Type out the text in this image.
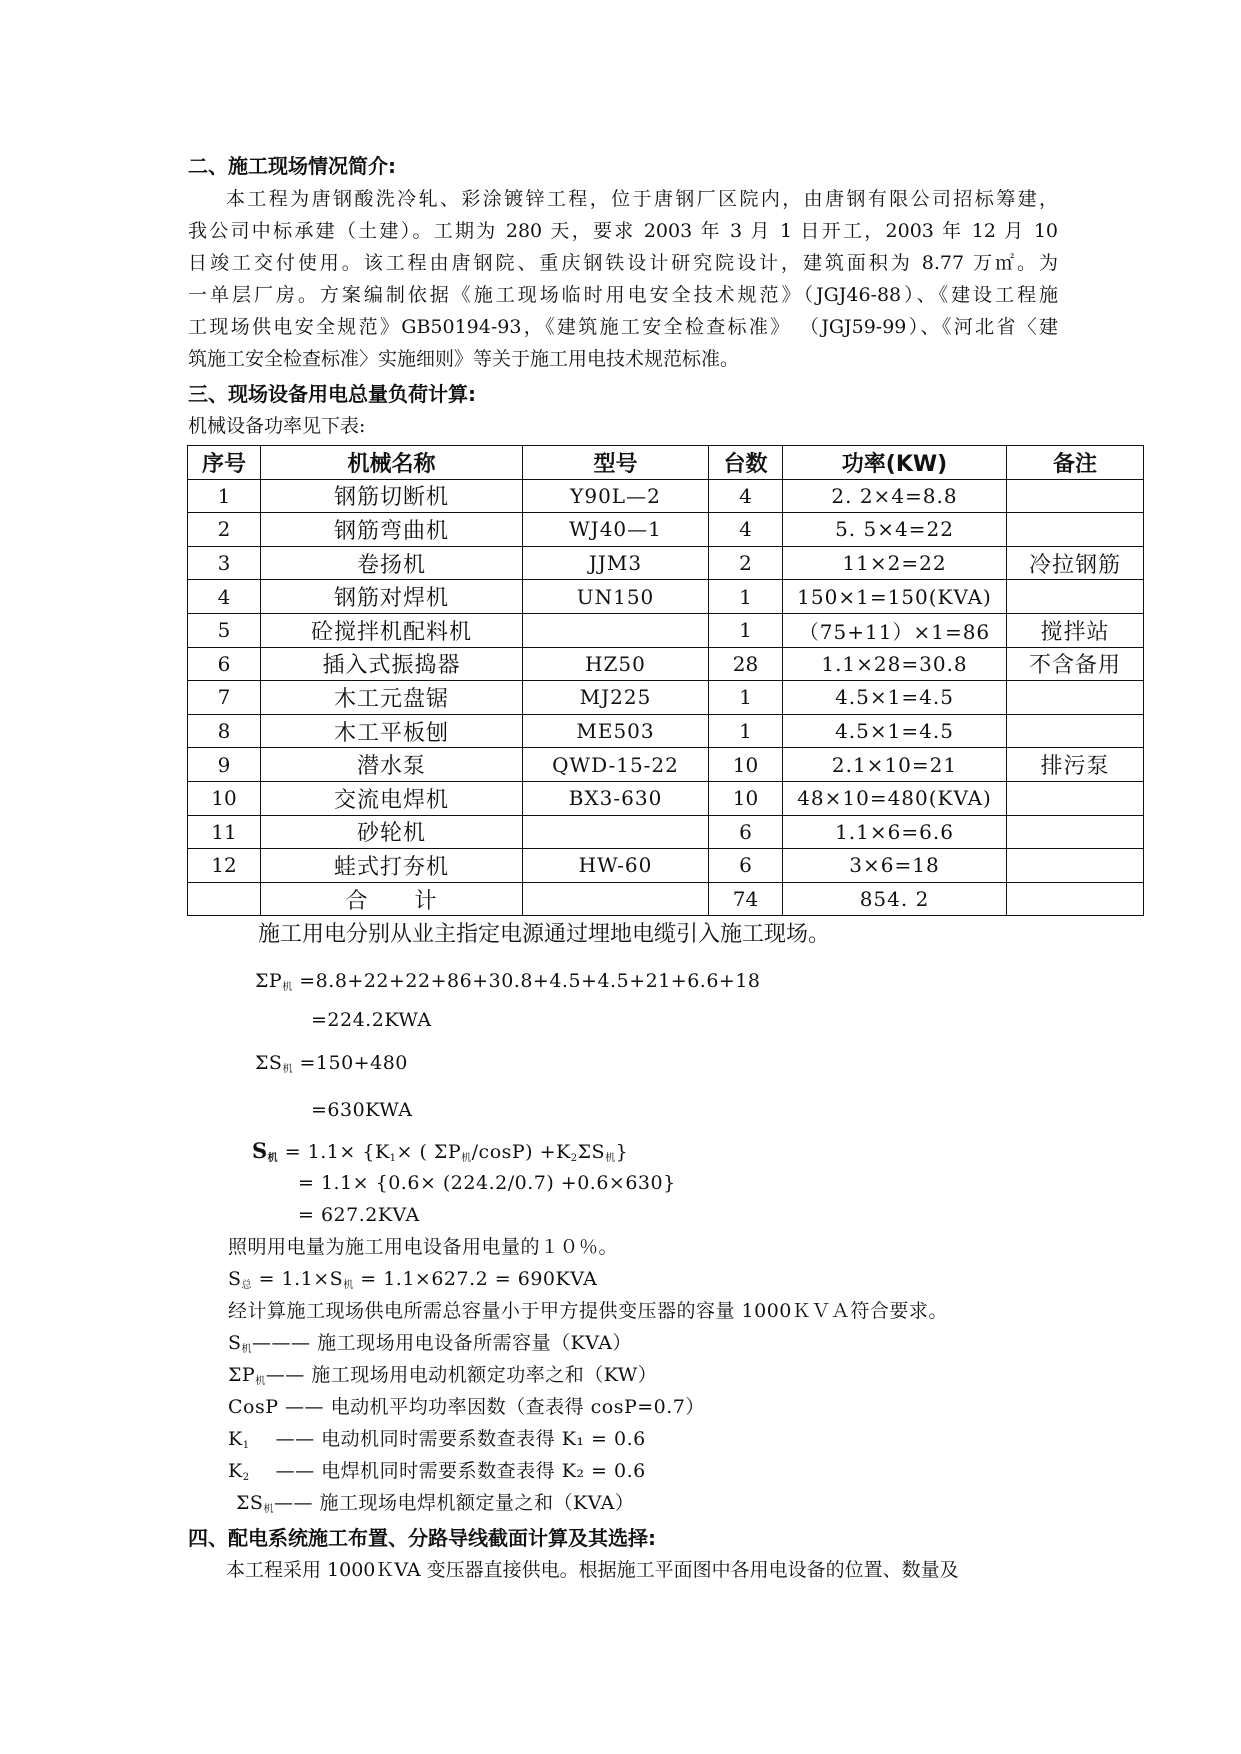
二、施工现场情况简介:
本工程为唐钢酸洗冷轧、彩涂镀锌工程，位于唐钢厂区院内，由唐钢有限公司招标筹建，
我公司中标承建（土建）。工期为 280 天，要求 2003 年 3 月 1 日开工，2003 年 12 月 10
日竣工交付使用。该工程由唐钢院、重庆钢铁设计研究院设计，建筑面积为 8.77 万㎡。为
一单层厂房。方案编制依据《施工现场临时用电安全技术规范》（JGJ46-88）、《建设工程施
工现场供电安全规范》GB50194-93，《建筑施工安全检查标准》 （JGJ59-99）、《河北省〈建
筑施工安全检查标准〉实施细则》等关于施工用电技术规范标准。
三、现场设备用电总量负荷计算:
机械设备功率见下表:
序号	机械名称	型号	台数	功率(KW)	备注
1	钢筋切断机	Y90L—2	4	2. 2×4=8.8	
2	钢筋弯曲机	WJ40—1	4	5. 5×4=22	
3	卷扬机	JJM3	2	11×2=22	冷拉钢筋
4	钢筋对焊机	UN150	1	150×1=150(KVA)	
5	砼搅拌机配料机		1	（75+11）×1=86	搅拌站
6	插入式振捣器	HZ50	28	1.1×28=30.8	不含备用
7	木工元盘锯	MJ225	1	4.5×1=4.5	
8	木工平板刨	ME503	1	4.5×1=4.5	
9	潜水泵	QWD-15-22	10	2.1×10=21	排污泵
10	交流电焊机	BX3-630	10	48×10=480(KVA)	
11	砂轮机		6	1.1×6=6.6	
12	蛙式打夯机	HW-60	6	3×6=18	
	合　　计		74	854. 2	
施工用电分别从业主指定电源通过埋地电缆引入施工现场。
$\Sigma P_机 =8.8+22+22+86+30.8+4.5+4.5+21+6.6+18$
=224.2KWA
$\Sigma S_机 =150+480$
=630KWA
$S_机 = 1.1\times \{K_1\times$ ( $\Sigma P_机/\cos P) +K_2\Sigma S_机$}
= 1.1× {0.6× (224.2/0.7) +0.6×630}
= 627.2KVA
照明用电量为施工用电设备用电量的１０％。
$S_总 = 1.1\times S_机 = 1.1\times 627.2 = 690KVA$
经计算施工现场供电所需总容量小于甲方提供变压器的容量 1000ＫＶＡ符合要求。
$S_机———$ 施工现场用电设备所需容量（KVA）
$\Sigma P_机——$ 施工现场用电动机额定功率之和（KW）
CosP —— 电动机平均功率因数（查表得 cosP=0.7）
$K_1$　 —— 电动机同时需要系数查表得 K₁ = 0.6
$K_2$　 —— 电焊机同时需要系数查表得 K₂ = 0.6
$\Sigma S_机——$ 施工现场电焊机额定量之和（KVA）
四、配电系统施工布置、分路导线截面计算及其选择:
本工程采用 1000ＫVA 变压器直接供电。根据施工平面图中各用电设备的位置、数量及
